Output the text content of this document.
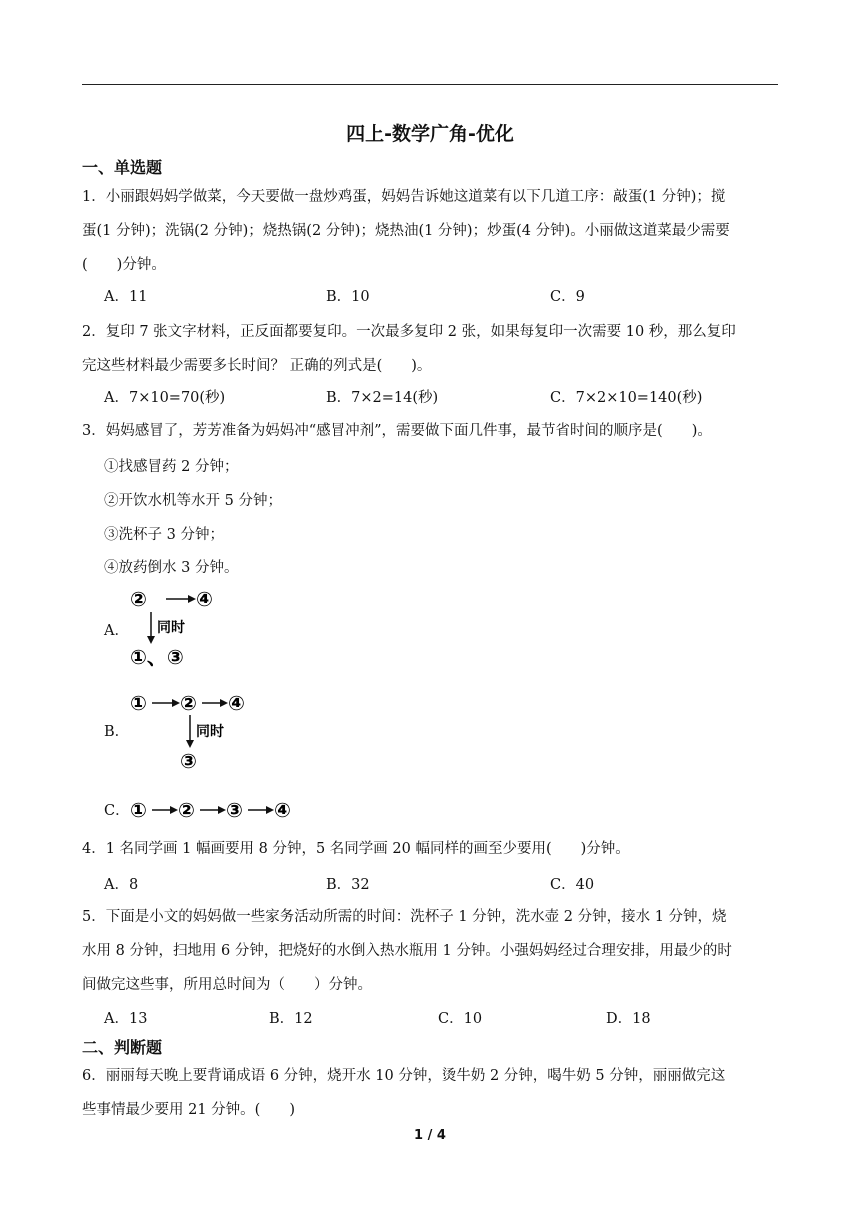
四上-数学广角-优化
一、单选题
1．小丽跟妈妈学做菜，今天要做一盘炒鸡蛋，妈妈告诉她这道菜有以下几道工序：敲蛋(1 分钟)；搅
蛋(1 分钟)；洗锅(2 分钟)；烧热锅(2 分钟)；烧热油(1 分钟)；炒蛋(4 分钟)。小丽做这道菜最少需要
(　　)分钟。
A．11	B．10	C．9
2．复印 7 张文字材料，正反面都要复印。一次最多复印 2 张，如果每复印一次需要 10 秒，那么复印
完这些材料最少需要多长时间？ 正确的列式是(　　)。
A．7×10=70(秒)	B．7×2=14(秒)	C．7×2×10=140(秒)
3．妈妈感冒了，芳芳准备为妈妈冲“感冒冲剂”，需要做下面几件事，最节省时间的顺序是(　　)。
①找感冒药 2 分钟；
②开饮水机等水开 5 分钟；
③洗杯子 3 分钟；
④放药倒水 3 分钟。
A．
② ④
同时
①、③
B．
① ② ④
同时
③
C． ① ② ③ ④
4．1 名同学画 1 幅画要用 8 分钟，5 名同学画 20 幅同样的画至少要用(　　)分钟。
A．8	B．32	C．40
5．下面是小文的妈妈做一些家务活动所需的时间：洗杯子 1 分钟，洗水壶 2 分钟，接水 1 分钟，烧
水用 8 分钟，扫地用 6 分钟，把烧好的水倒入热水瓶用 1 分钟。小强妈妈经过合理安排，用最少的时
间做完这些事，所用总时间为（　　）分钟。
A．13	B．12	C．10	D．18
二、判断题
6．丽丽每天晚上要背诵成语 6 分钟，烧开水 10 分钟，烫牛奶 2 分钟，喝牛奶 5 分钟，丽丽做完这
些事情最少要用 21 分钟。(　　)
1 / 4
